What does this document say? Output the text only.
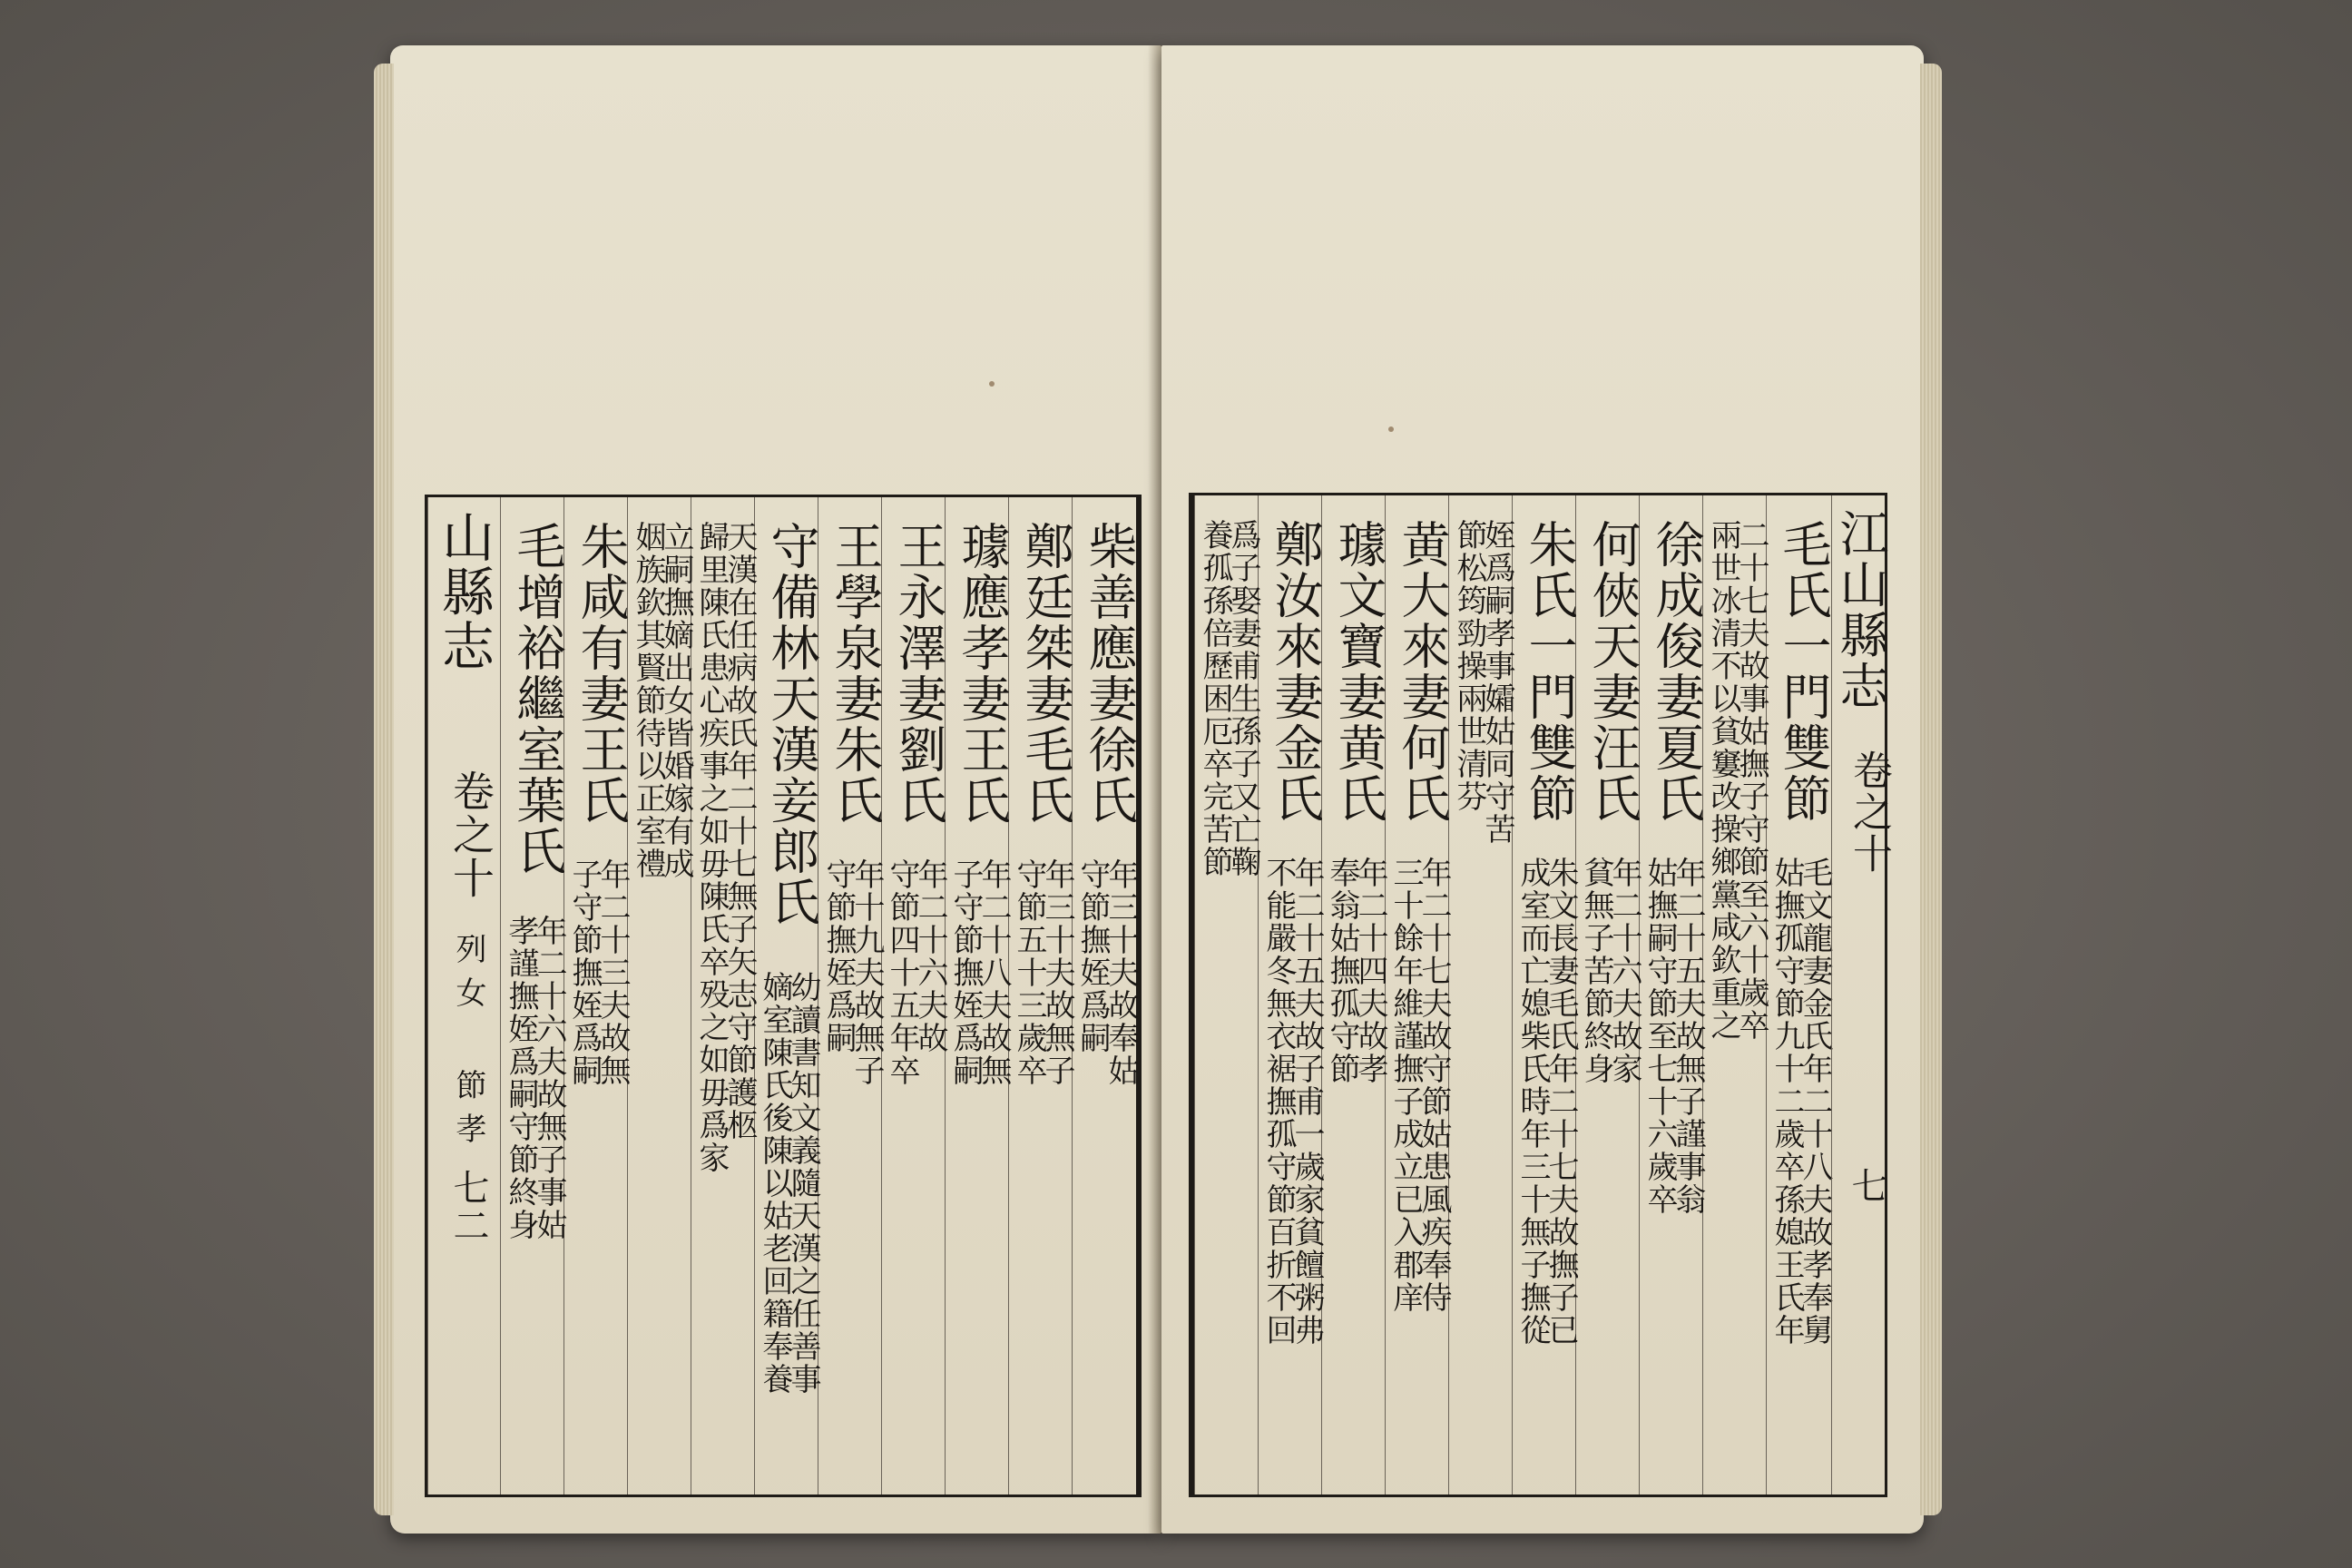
山縣志
卷之十
列女 節孝
七二
柴善應妻徐氏
年三十夫故奉姑
守節撫姪爲嗣
鄭廷桀妻毛氏
年三十夫故無子
守節五十三歲卒
璩應孝妻王氏
年二十八夫故無
子守節撫姪爲嗣
王永澤妻劉氏
年二十六夫故
守節四十五年卒
王學泉妻朱氏
年十九夫故無子
守節撫姪爲嗣
守備林天漢妾郎氏
幼讀書知文義隨天漢之任善事
嫡室陳氏後陳以姑老回籍奉養
天漢在任病故氏年二十七無子矢志守節護柩
歸里陳氏患心疾事之如毋陳氏卒殁之如毋爲家
立嗣撫嫡出女皆婚嫁有成
姻族欽其賢節待以正室禮
朱咸有妻王氏
年二十三夫故無
子守節撫姪爲嗣
毛增裕繼室葉氏
年二十六夫故無子事姑
孝謹撫姪爲嗣守節終身
毛氏一門雙節
毛文龍妻金氏年二十八夫故孝奉舅
姑撫孤守節九十二歲卒孫媳王氏年
二十七夫故事姑撫子守節至六十歲卒
兩世冰清不以貧窶改操鄉黨咸欽重之
徐成俊妻夏氏
年二十五夫故無子謹事翁
姑撫嗣守節至七十六歲卒
何俠天妻汪氏
年二十六夫故家
貧無子苦節終身
朱氏一門雙節
朱文長妻毛氏年二十七夫故撫子已
成室而亡媳柴氏時年三十無子撫從
姪爲嗣孝事孀姑同守苦
節松筠勁操兩世清芬
黄大來妻何氏
年二十七夫故守節姑患風疾奉侍
三十餘年維謹撫子成立已入郡庠
璩文寶妻黄氏
年二十四夫故孝
奉翁姑撫孤守節
鄭汝來妻金氏
年二十五夫故子甫一歲家貧饘粥弗
不能嚴冬無衣裾撫孤守節百折不回
爲子娶妻甫生孫子又亡鞠
養孤孫倍歷困厄卒完苦節	江山縣志
卷之十
七
